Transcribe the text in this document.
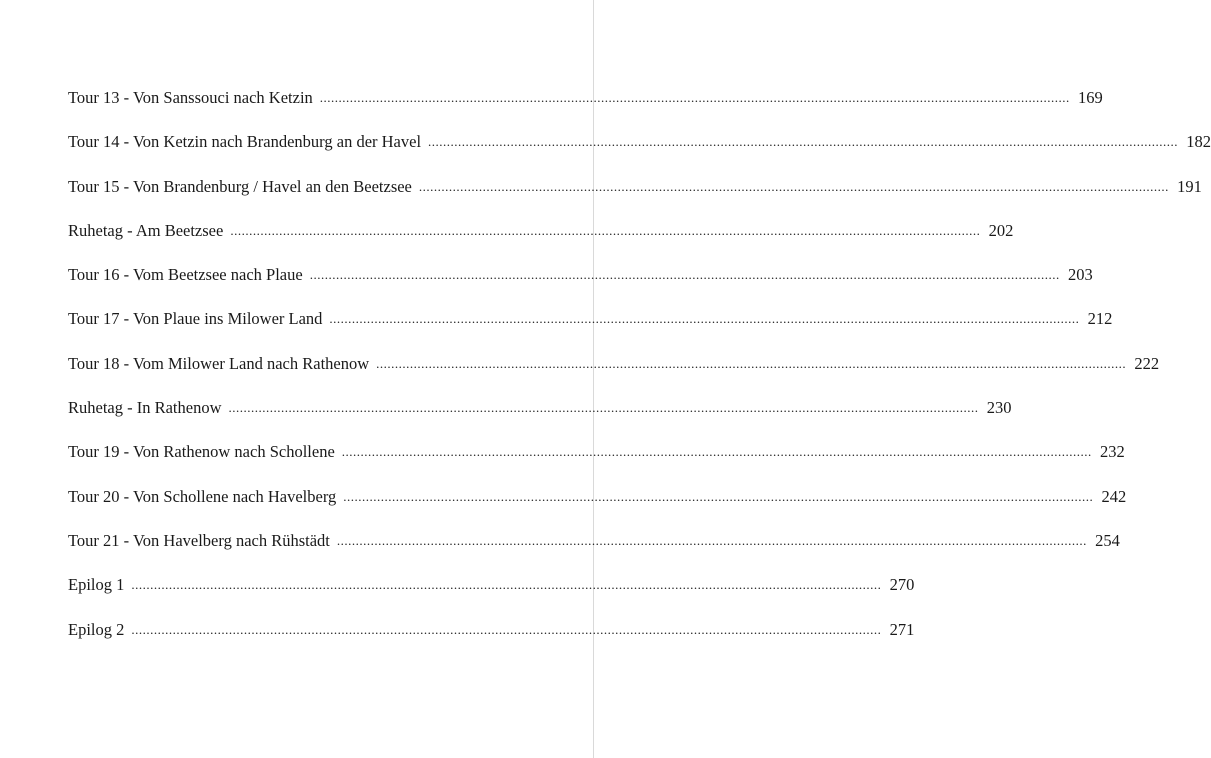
Tour 13 - Von Sanssouci nach Ketzin ........................................................................................................................................................................................................ 169
Tour 14 - Von Ketzin nach Brandenburg an der Havel ........................................................................................................................................................................................................ 182
Tour 15 - Von Brandenburg / Havel an den Beetzsee ........................................................................................................................................................................................................ 191
Ruhetag - Am Beetzsee ........................................................................................................................................................................................................ 202
Tour 16 - Vom Beetzsee nach Plaue ........................................................................................................................................................................................................ 203
Tour 17 - Von Plaue ins Milower Land ........................................................................................................................................................................................................ 212
Tour 18 - Vom Milower Land nach Rathenow ........................................................................................................................................................................................................ 222
Ruhetag - In Rathenow ........................................................................................................................................................................................................ 230
Tour 19 - Von Rathenow nach Schollene ........................................................................................................................................................................................................ 232
Tour 20 - Von Schollene nach Havelberg ........................................................................................................................................................................................................ 242
Tour 21 - Von Havelberg nach Rühstädt ........................................................................................................................................................................................................ 254
Epilog 1 ........................................................................................................................................................................................................ 270
Epilog 2 ........................................................................................................................................................................................................ 271
